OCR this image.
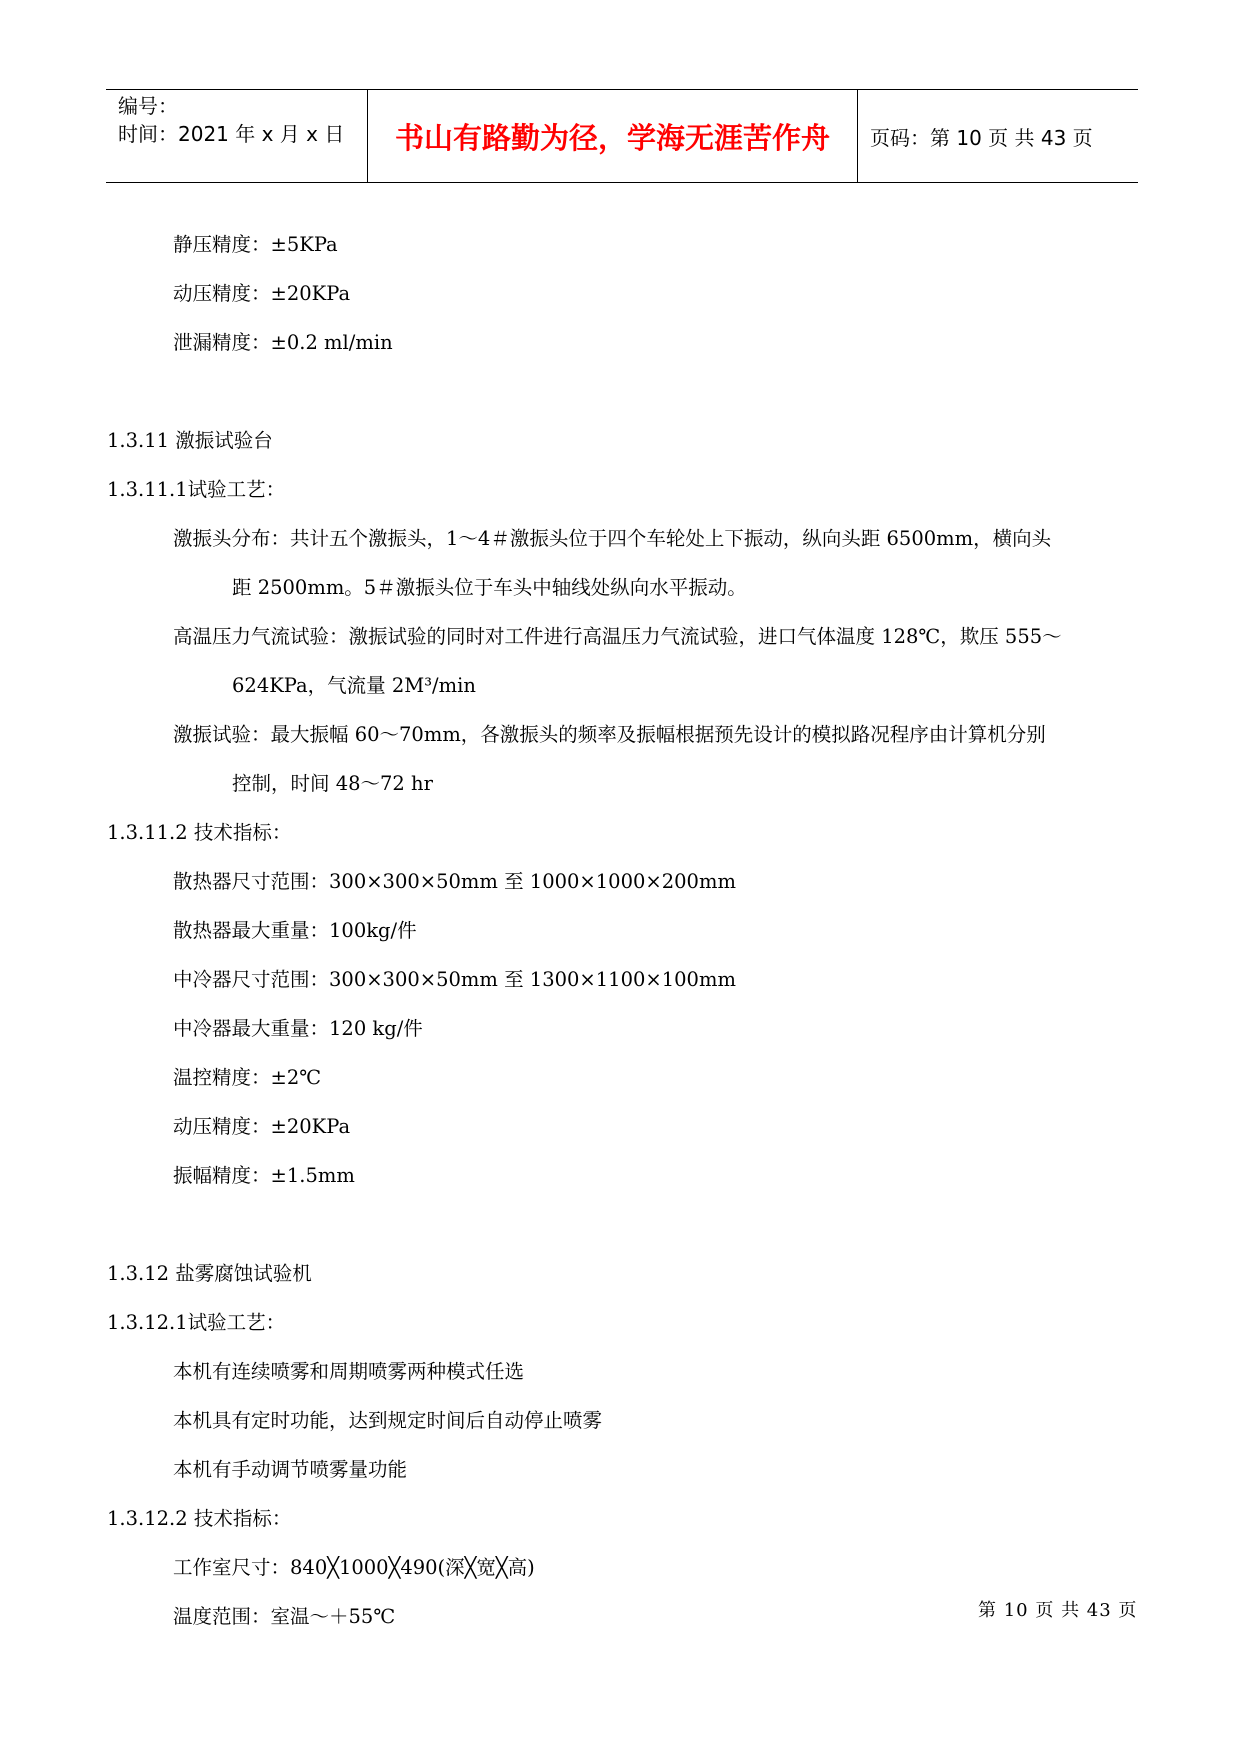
编号：
时间：2021 年 x 月 x 日	书山有路勤为径，学海无涯苦作舟	页码：第 10 页 共 43 页
静压精度：±5KPa
动压精度：±20KPa
泄漏精度：±0.2 ml/min
1.3.11 激振试验台
1.3.11.1试验工艺：
激振头分布：共计五个激振头，1～4＃激振头位于四个车轮处上下振动，纵向头距 6500mm，横向头
距 2500mm。5＃激振头位于车头中轴线处纵向水平振动。
高温压力气流试验：激振试验的同时对工件进行高温压力气流试验，进口气体温度 128℃，欺压 555～
624KPa，气流量 2M³/min
激振试验：最大振幅 60～70mm，各激振头的频率及振幅根据预先设计的模拟路况程序由计算机分别
控制，时间 48～72 hr
1.3.11.2 技术指标：
散热器尺寸范围：300×300×50mm 至 1000×1000×200mm
散热器最大重量：100kg/件
中冷器尺寸范围：300×300×50mm 至 1300×1100×100mm
中冷器最大重量：120 kg/件
温控精度：±2℃
动压精度：±20KPa
振幅精度：±1.5mm
1.3.12 盐雾腐蚀试验机
1.3.12.1试验工艺：
本机有连续喷雾和周期喷雾两种模式任选
本机具有定时功能，达到规定时间后自动停止喷雾
本机有手动调节喷雾量功能
1.3.12.2 技术指标：
工作室尺寸：840╳1000╳490(深╳宽╳高)
温度范围：室温～＋55℃	第 10 页 共 43 页
